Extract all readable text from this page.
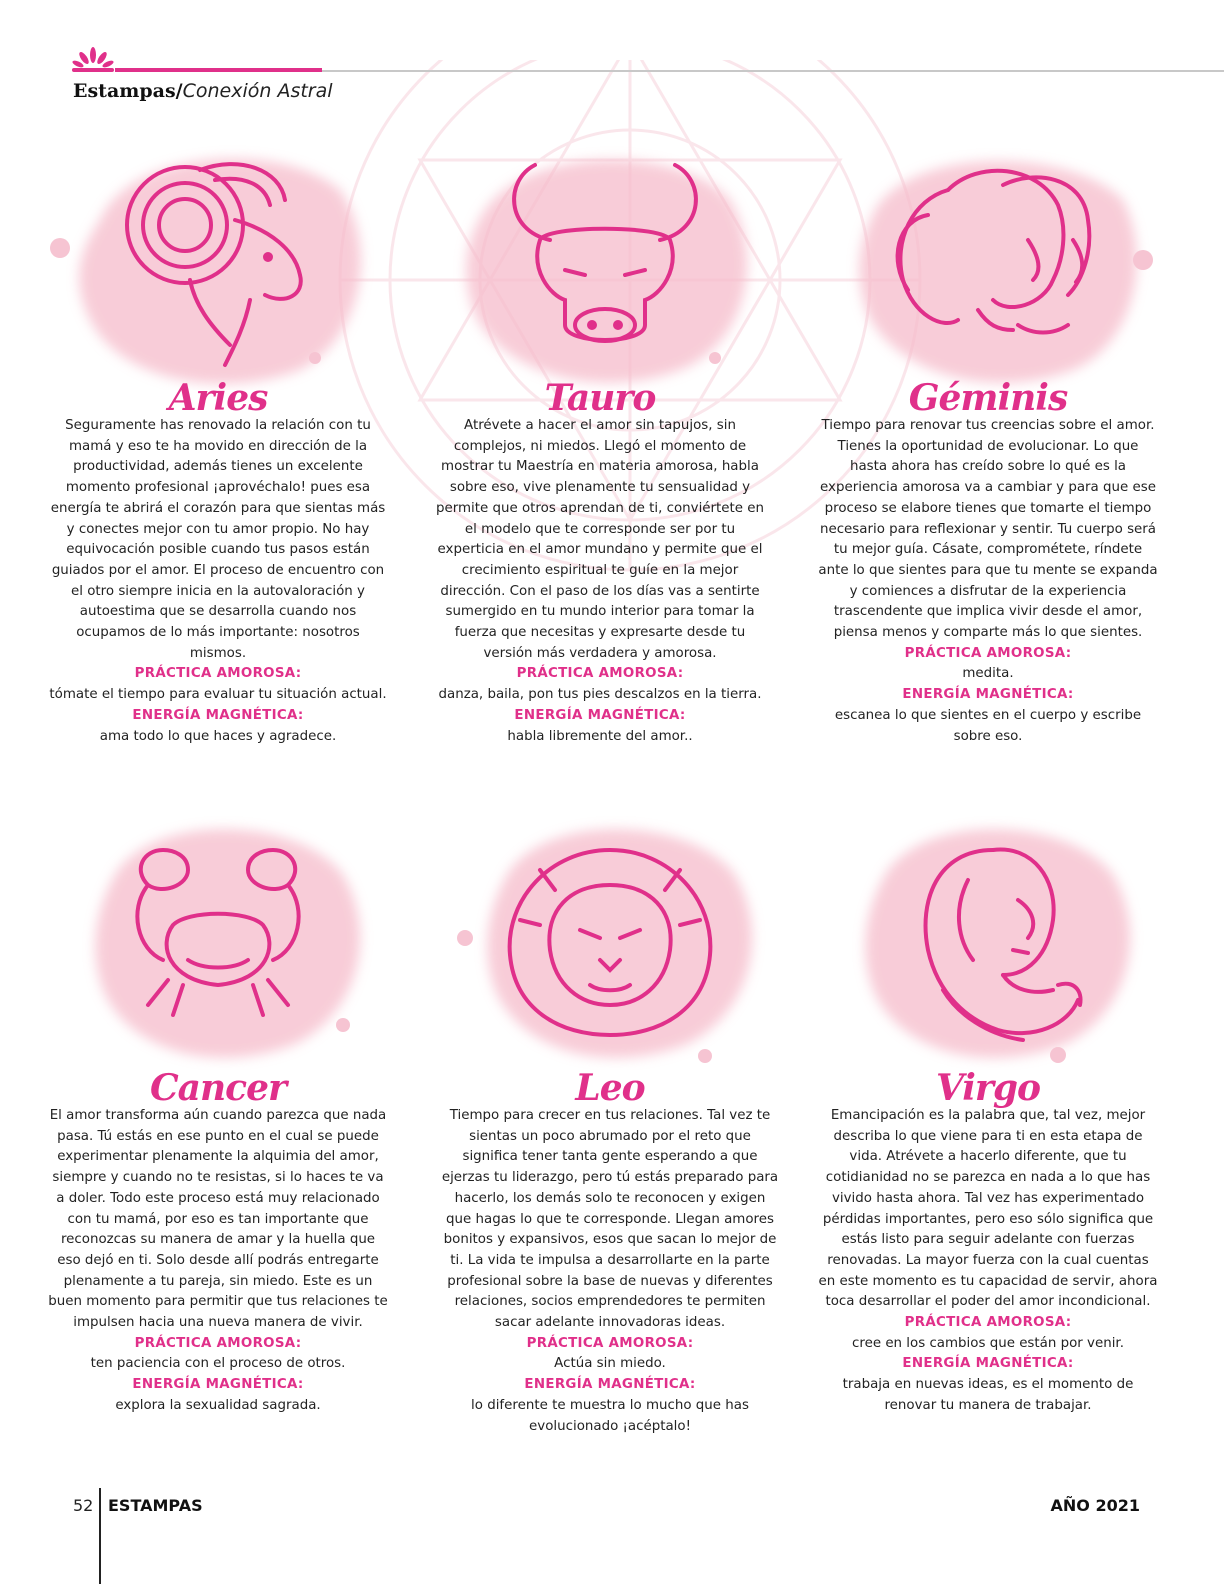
Estampas/Conexión Astral
Aries

Seguramente has renovado la relación con tu mamá y eso te ha movido en dirección de la productividad, además tienes un excelente momento profesional ¡aprovéchalo! pues esa energía te abrirá el corazón para que sientas más y conectes mejor con tu amor propio. No hay equivocación posible cuando tus pasos están guiados por el amor. El proceso de encuentro con el otro siempre inicia en la autovaloración y autoestima que se desarrolla cuando nos ocupamos de lo más importante: nosotros mismos.

PRÁCTICA AMOROSA:

tómate el tiempo para evaluar tu situación actual.

ENERGÍA MAGNÉTICA:

ama todo lo que haces y agradece.

Tauro

Atrévete a hacer el amor sin tapujos, sin complejos, ni miedos. Llegó el momento de mostrar tu Maestría en materia amorosa, habla sobre eso, vive plenamente tu sensualidad y permite que otros aprendan de ti, conviértete en el modelo que te corresponde ser por tu experticia en el amor mundano y permite que el crecimiento espiritual te guíe en la mejor dirección. Con el paso de los días vas a sentirte sumergido en tu mundo interior para tomar la fuerza que necesitas y expresarte desde tu versión más verdadera y amorosa.

PRÁCTICA AMOROSA:

danza, baila, pon tus pies descalzos en la tierra.

ENERGÍA MAGNÉTICA:

habla libremente del amor..

Géminis

Tiempo para renovar tus creencias sobre el amor. Tienes la oportunidad de evolucionar. Lo que hasta ahora has creído sobre lo qué es la experiencia amorosa va a cambiar y para que ese proceso se elabore tienes que tomarte el tiempo necesario para reflexionar y sentir. Tu cuerpo será tu mejor guía. Cásate, comprométete, ríndete ante lo que sientes para que tu mente se expanda y comiences a disfrutar de la experiencia trascendente que implica vivir desde el amor, piensa menos y comparte más lo que sientes.

PRÁCTICA AMOROSA:

medita.

ENERGÍA MAGNÉTICA:

escanea lo que sientes en el cuerpo y escribe sobre eso.

Cancer

El amor transforma aún cuando parezca que nada pasa. Tú estás en ese punto en el cual se puede experimentar plenamente la alquimia del amor, siempre y cuando no te resistas, si lo haces te va a doler. Todo este proceso está muy relacionado con tu mamá, por eso es tan importante que reconozcas su manera de amar y la huella que eso dejó en ti. Solo desde allí podrás entregarte plenamente a tu pareja, sin miedo. Este es un buen momento para permitir que tus relaciones te impulsen hacia una nueva manera de vivir.

PRÁCTICA AMOROSA:

ten paciencia con el proceso de otros.

ENERGÍA MAGNÉTICA:

explora la sexualidad sagrada.

Leo

Tiempo para crecer en tus relaciones. Tal vez te sientas un poco abrumado por el reto que significa tener tanta gente esperando a que ejerzas tu liderazgo, pero tú estás preparado para hacerlo, los demás solo te reconocen y exigen que hagas lo que te corresponde. Llegan amores bonitos y expansivos, esos que sacan lo mejor de ti. La vida te impulsa a desarrollarte en la parte profesional sobre la base de nuevas y diferentes relaciones, socios emprendedores te permiten sacar adelante innovadoras ideas.

PRÁCTICA AMOROSA:

Actúa sin miedo.

ENERGÍA MAGNÉTICA:

lo diferente te muestra lo mucho que has evolucionado ¡acéptalo!

Virgo

Emancipación es la palabra que, tal vez, mejor describa lo que viene para ti en esta etapa de vida. Atrévete a hacerlo diferente, que tu cotidianidad no se parezca en nada a lo que has vivido hasta ahora. Tal vez has experimentado pérdidas importantes, pero eso sólo significa que estás listo para seguir adelante con fuerzas renovadas. La mayor fuerza con la cual cuentas en este momento es tu capacidad de servir, ahora toca desarrollar el poder del amor incondicional.

PRÁCTICA AMOROSA:

cree en los cambios que están por venir.

ENERGÍA MAGNÉTICA:

trabaja en nuevas ideas, es el momento de renovar tu manera de trabajar.

52 ESTAMPAS	AÑO 2021
